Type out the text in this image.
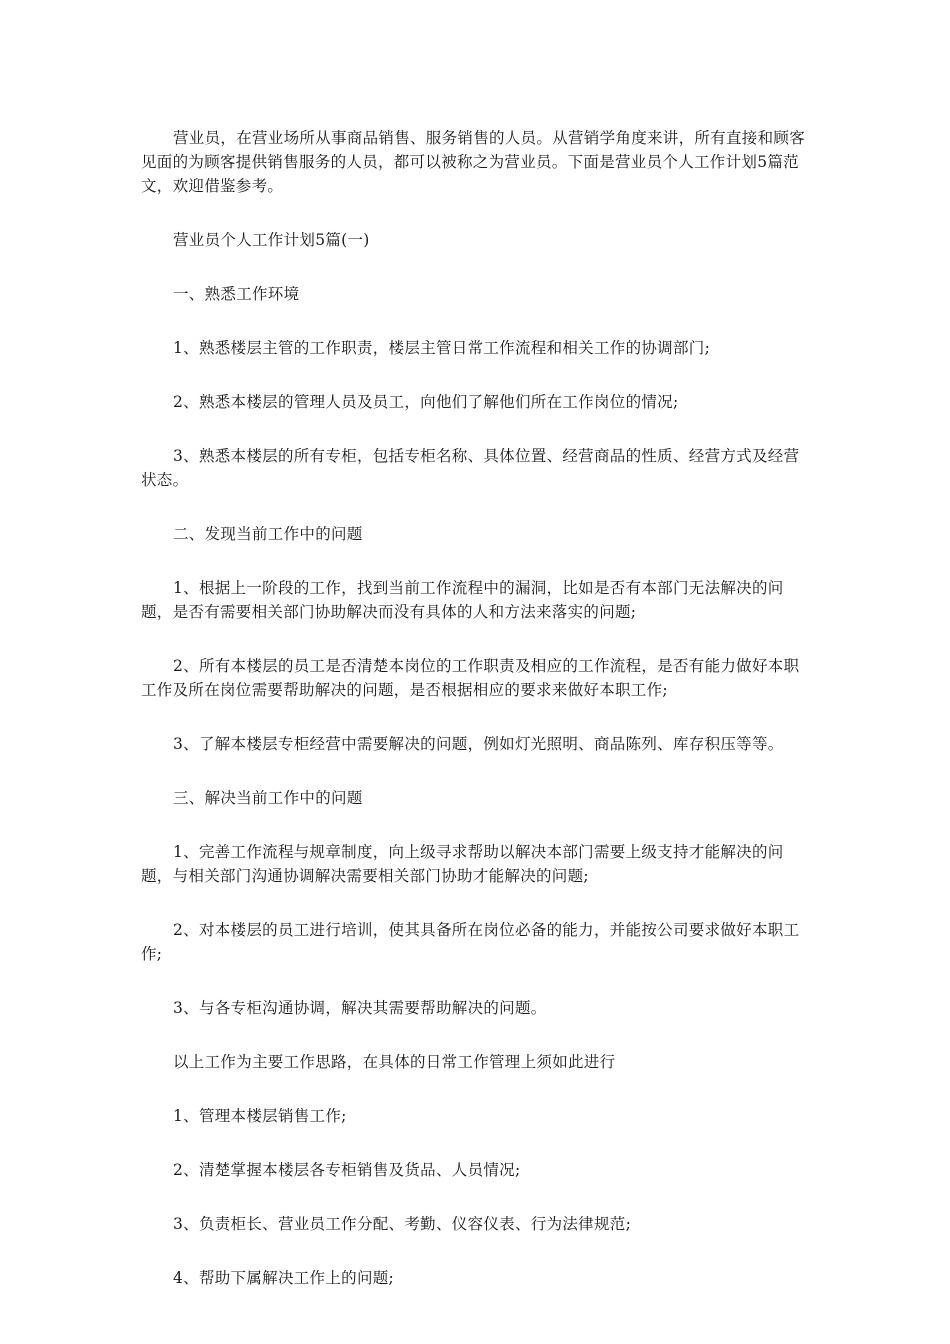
营业员，在营业场所从事商品销售、服务销售的人员。从营销学角度来讲，所有直接和顾客见面的为顾客提供销售服务的人员，都可以被称之为营业员。下面是营业员个人工作计划5篇范文，欢迎借鉴参考。

营业员个人工作计划5篇(一)

一、熟悉工作环境

1、熟悉楼层主管的工作职责，楼层主管日常工作流程和相关工作的协调部门;

2、熟悉本楼层的管理人员及员工，向他们了解他们所在工作岗位的情况;

3、熟悉本楼层的所有专柜，包括专柜名称、具体位置、经营商品的性质、经营方式及经营状态。

二、发现当前工作中的问题

1、根据上一阶段的工作，找到当前工作流程中的漏洞，比如是否有本部门无法解决的问题，是否有需要相关部门协助解决而没有具体的人和方法来落实的问题;

2、所有本楼层的员工是否清楚本岗位的工作职责及相应的工作流程，是否有能力做好本职工作及所在岗位需要帮助解决的问题，是否根据相应的要求来做好本职工作;

3、了解本楼层专柜经营中需要解决的问题，例如灯光照明、商品陈列、库存积压等等。

三、解决当前工作中的问题

1、完善工作流程与规章制度，向上级寻求帮助以解决本部门需要上级支持才能解决的问题，与相关部门沟通协调解决需要相关部门协助才能解决的问题;

2、对本楼层的员工进行培训，使其具备所在岗位必备的能力，并能按公司要求做好本职工作;

3、与各专柜沟通协调，解决其需要帮助解决的问题。

以上工作为主要工作思路，在具体的日常工作管理上须如此进行

1、管理本楼层销售工作;

2、清楚掌握本楼层各专柜销售及货品、人员情况;

3、负责柜长、营业员工作分配、考勤、仪容仪表、行为法律规范;

4、帮助下属解决工作上的问题;
